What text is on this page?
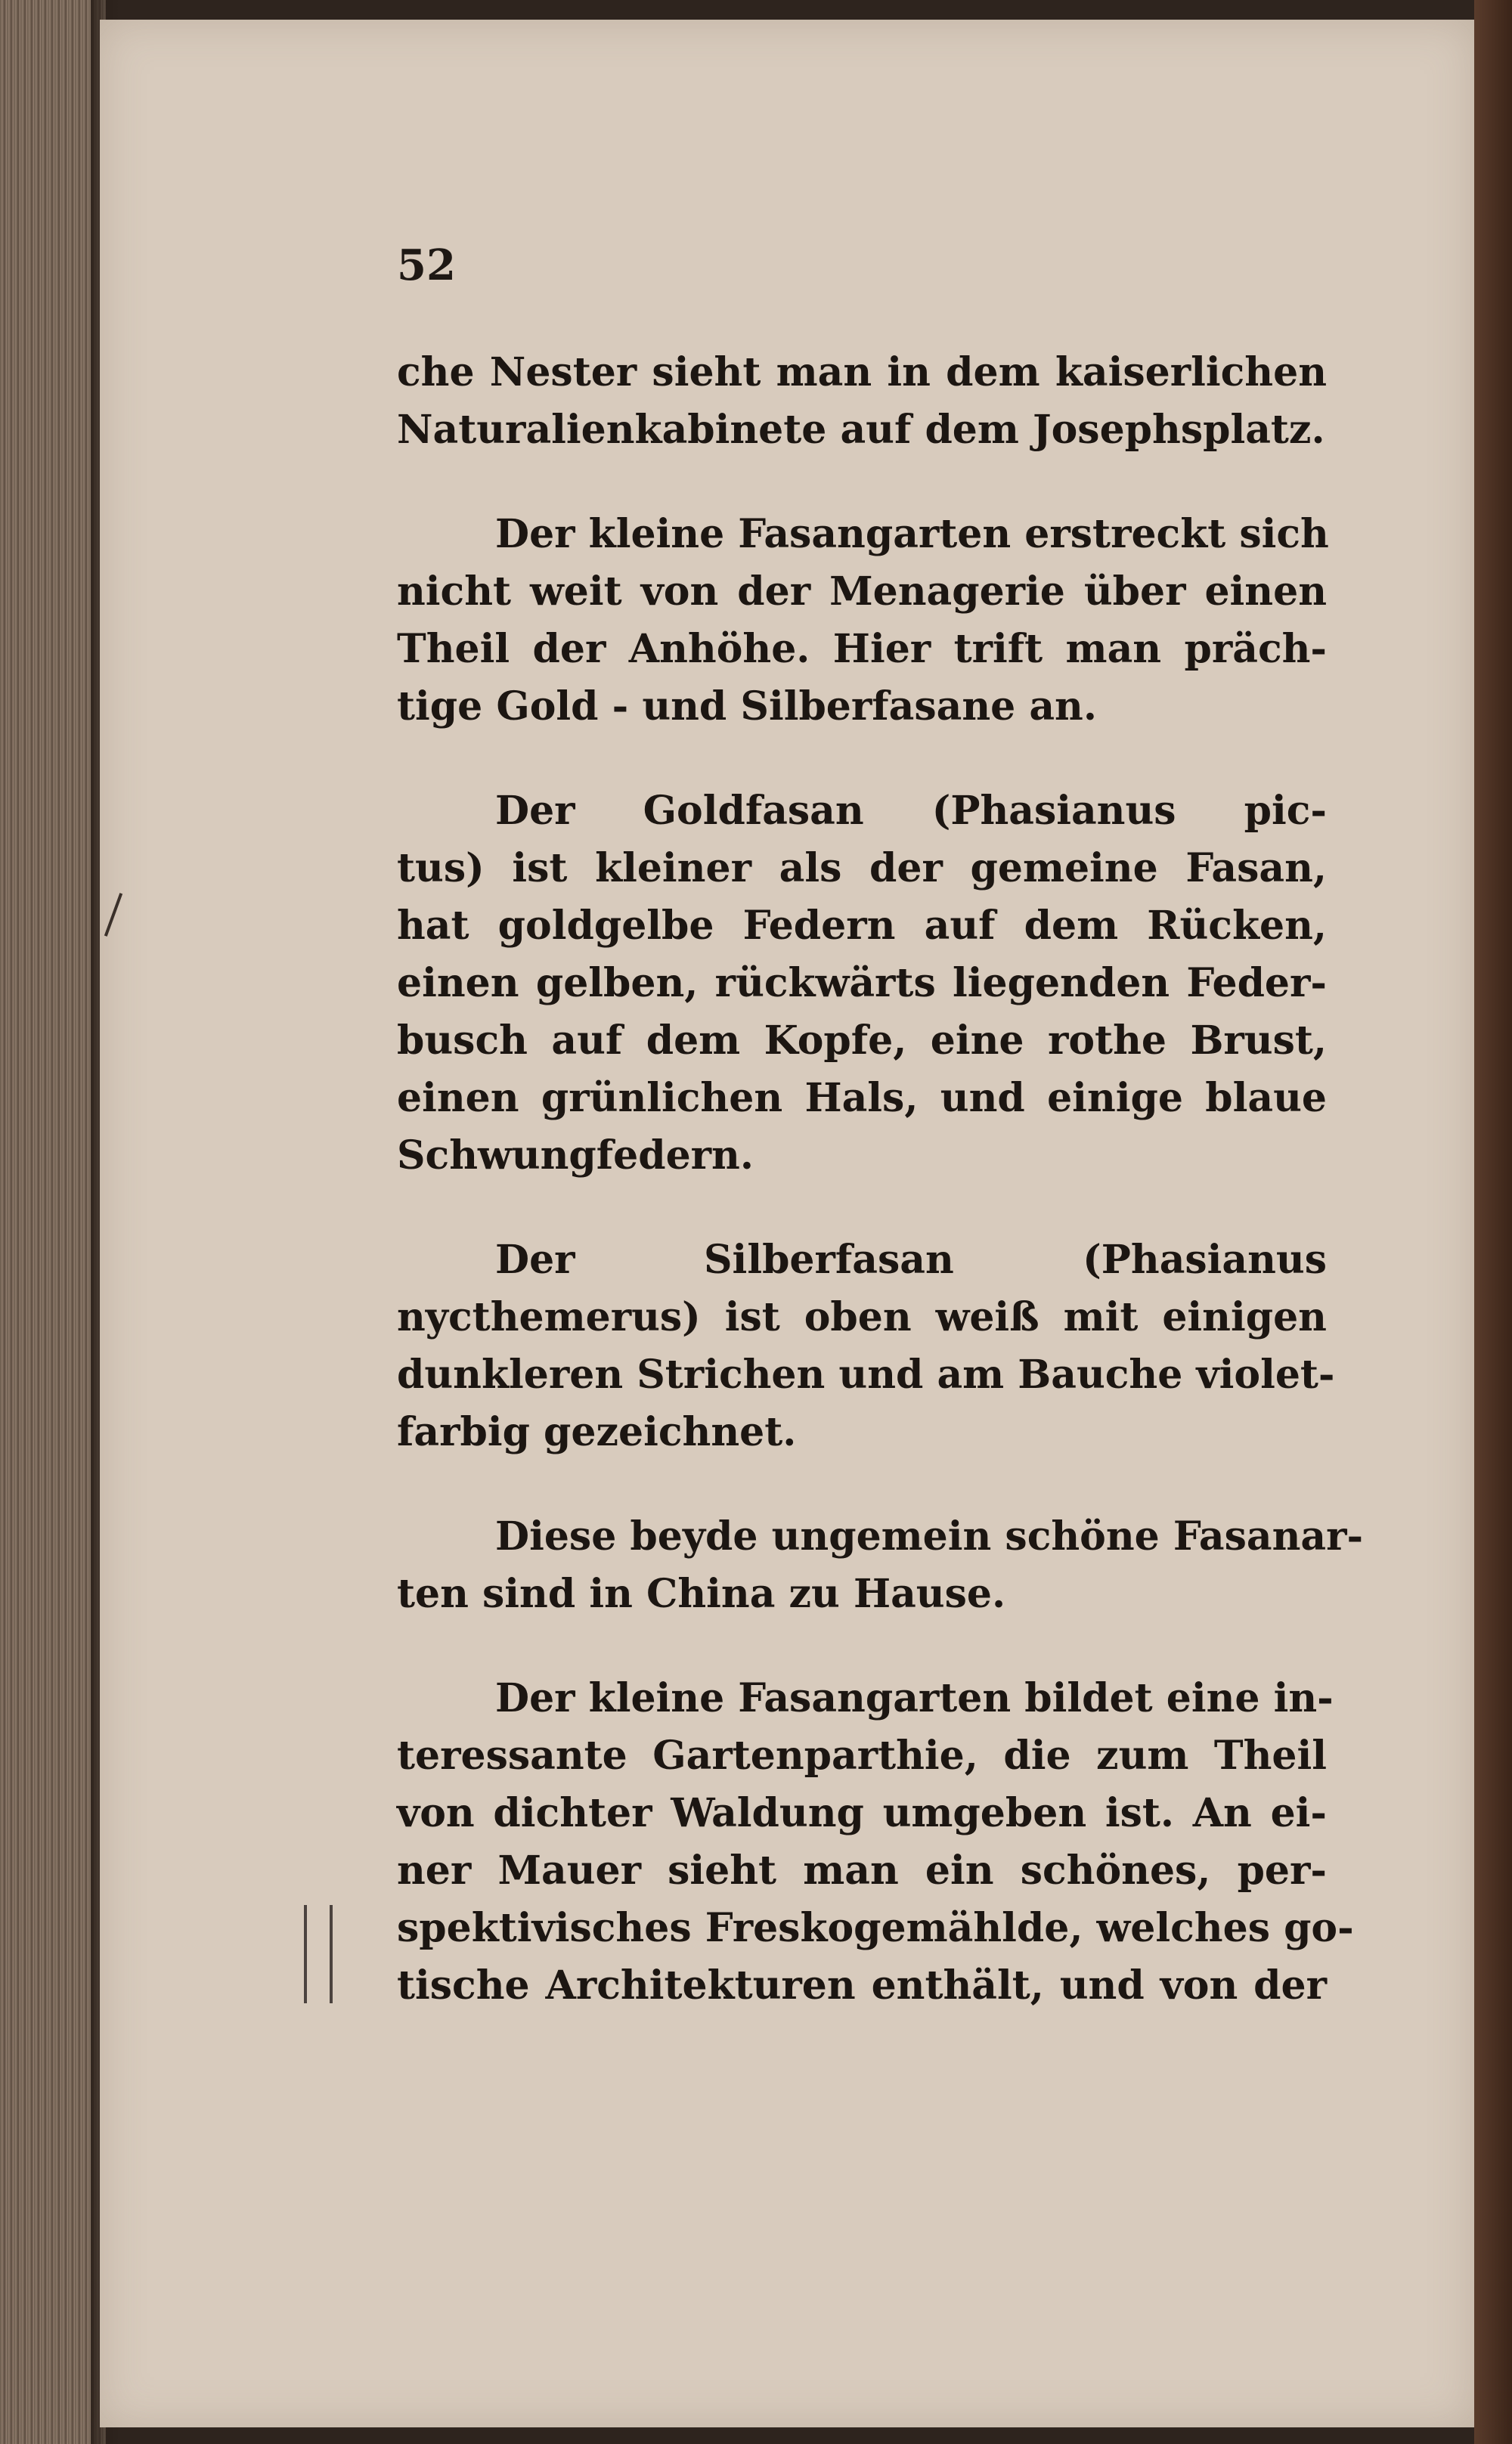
52
che Nester sieht man in dem kaiserlichen
Naturalienkabinete auf dem Josephsplatz.
Der kleine Fasangarten erstreckt sich
nicht weit von der Menagerie über einen
Theil der Anhöhe. Hier trift man präch-
tige Gold - und Silberfasane an.
Der Goldfasan (Phasianus pic-
tus) ist kleiner als der gemeine Fasan,
hat goldgelbe Federn auf dem Rücken,
einen gelben, rückwärts liegenden Feder-
busch auf dem Kopfe, eine rothe Brust,
einen grünlichen Hals, und einige blaue
Schwungfedern.
Der Silberfasan (Phasianus
nycthemerus) ist oben weiß mit einigen
dunkleren Strichen und am Bauche violet-
farbig gezeichnet.
Diese beyde ungemein schöne Fasanar-
ten sind in China zu Hause.
Der kleine Fasangarten bildet eine in-
teressante Gartenparthie, die zum Theil
von dichter Waldung umgeben ist. An ei-
ner Mauer sieht man ein schönes, per-
spektivisches Freskogemählde, welches go-
tische Architekturen enthält, und von der
